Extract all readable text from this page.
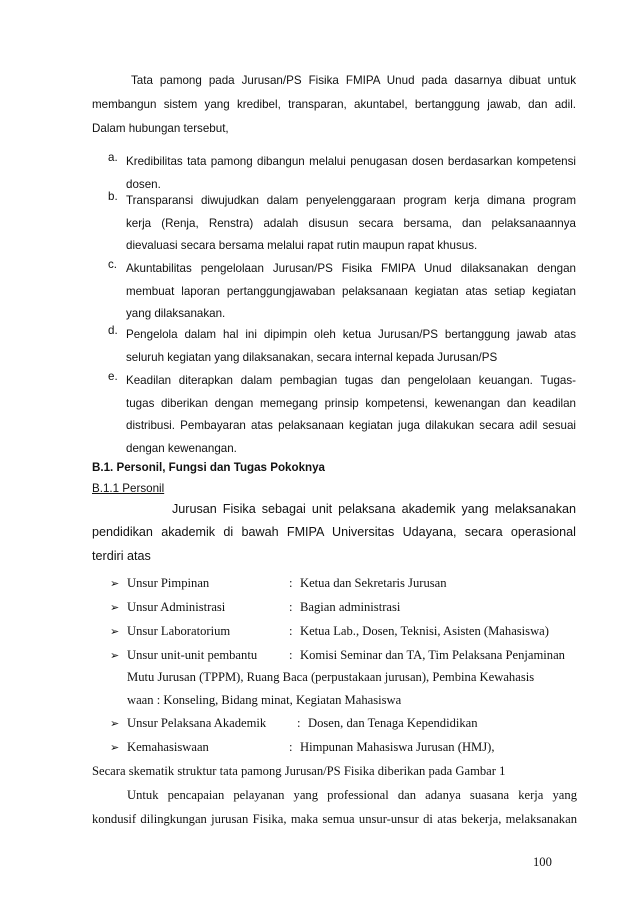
Tata pamong pada Jurusan/PS Fisika FMIPA Unud pada dasarnya dibuat untuk
membangun sistem yang kredibel, transparan, akuntabel, bertanggung jawab, dan adil.
Dalam hubungan tersebut,
a. Kredibilitas tata pamong dibangun melalui penugasan dosen berdasarkan kompetensi
dosen.
b. Transparansi diwujudkan dalam penyelenggaraan program kerja dimana program
kerja (Renja, Renstra) adalah disusun secara bersama, dan pelaksanaannya
dievaluasi secara bersama melalui rapat rutin maupun rapat khusus.
c. Akuntabilitas pengelolaan Jurusan/PS Fisika FMIPA Unud dilaksanakan dengan
membuat laporan pertanggungjawaban pelaksanaan kegiatan atas setiap kegiatan
yang dilaksanakan.
d. Pengelola dalam hal ini dipimpin oleh ketua Jurusan/PS bertanggung jawab atas
seluruh kegiatan yang dilaksanakan, secara internal kepada Jurusan/PS
e. Keadilan diterapkan dalam pembagian tugas dan pengelolaan keuangan. Tugas-
tugas diberikan dengan memegang prinsip kompetensi, kewenangan dan keadilan
distribusi. Pembayaran atas pelaksanaan kegiatan juga dilakukan secara adil sesuai
dengan kewenangan.
B.1. Personil, Fungsi dan Tugas Pokoknya
B.1.1 Personil
Jurusan Fisika sebagai unit pelaksana akademik yang melaksanakan
pendidikan akademik di bawah FMIPA Universitas Udayana, secara operasional
terdiri atas
➢ Unsur Pimpinan	: Ketua dan Sekretaris Jurusan
➢ Unsur Administrasi	: Bagian administrasi
➢ Unsur Laboratorium	: Ketua Lab., Dosen, Teknisi, Asisten (Mahasiswa)
➢ Unsur unit-unit pembantu	: Komisi Seminar dan TA, Tim Pelaksana Penjaminan
Mutu Jurusan (TPPM), Ruang Baca (perpustakaan jurusan), Pembina Kewahasis
waan : Konseling, Bidang minat, Kegiatan Mahasiswa
➢ Unsur Pelaksana Akademik : Dosen, dan Tenaga Kependidikan
➢ Kemahasiswaan	: Himpunan Mahasiswa Jurusan (HMJ),
Secara skematik struktur tata pamong Jurusan/PS Fisika diberikan pada Gambar 1
Untuk pencapaian pelayanan yang professional dan adanya suasana kerja yang
kondusif dilingkungan jurusan Fisika, maka semua unsur-unsur di atas bekerja, melaksanakan
100
